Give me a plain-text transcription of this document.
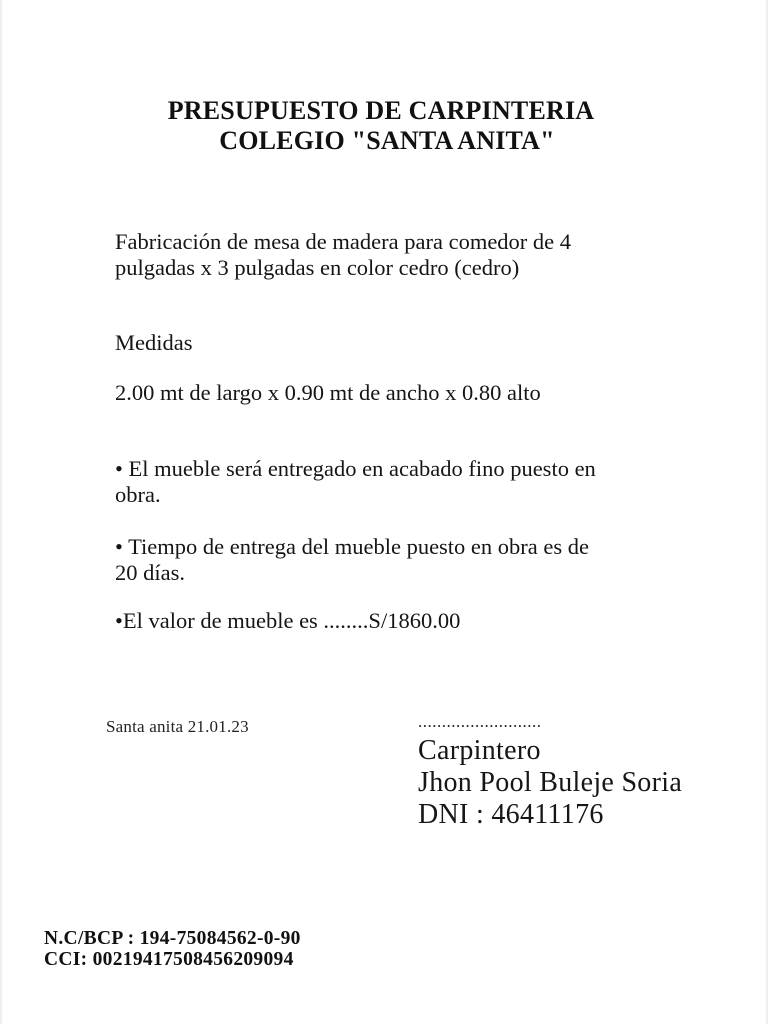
PRESUPUESTO DE CARPINTERIA
COLEGIO "SANTA ANITA"
Fabricación de mesa de madera para comedor de 4 pulgadas x 3 pulgadas en color cedro (cedro)
Medidas
2.00 mt de largo x 0.90 mt de ancho x 0.80 alto
• El mueble será entregado en acabado fino puesto en obra.
• Tiempo de entrega del mueble puesto en obra es de 20 días.
•El valor de mueble es ........S/1860.00
Santa anita 21.01.23	..........................
Carpintero
Jhon Pool Buleje Soria
DNI : 46411176
N.C/BCP : 194-75084562-0-90
CCI: 00219417508456209094
